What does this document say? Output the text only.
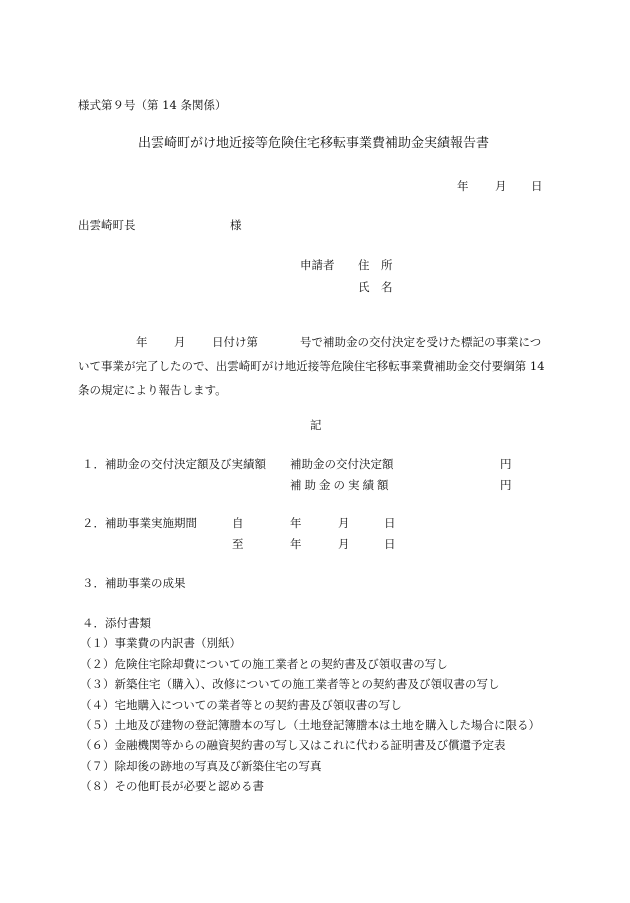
様式第９号（第 14 条関係）
出雲崎町がけ地近接等危険住宅移転事業費補助金実績報告書
年 月 日
出雲崎町長	様
申請者 住　所
氏　名
年 月 日付け第	号で補助金の交付決定を受けた標記の事業について事業が完了したので、出雲崎町がけ地近接等危険住宅移転事業費補助金交付要綱第 14 条の規定により報告します。
記
１．補助金の交付決定額及び実績額 補助金の交付決定額	円
補助金の実績額	円
２．補助事業実施期間	自	年	月	日
至	年	月	日
３．補助事業の成果
４．添付書類
（１）事業費の内訳書（別紙）
（２）危険住宅除却費についての施工業者との契約書及び領収書の写し
（３）新築住宅（購入）、改修についての施工業者等との契約書及び領収書の写し
（４）宅地購入についての業者等との契約書及び領収書の写し
（５）土地及び建物の登記簿謄本の写し（土地登記簿謄本は土地を購入した場合に限る）
（６）金融機関等からの融資契約書の写し又はこれに代わる証明書及び償還予定表
（７）除却後の跡地の写真及び新築住宅の写真
（８）その他町長が必要と認める書
